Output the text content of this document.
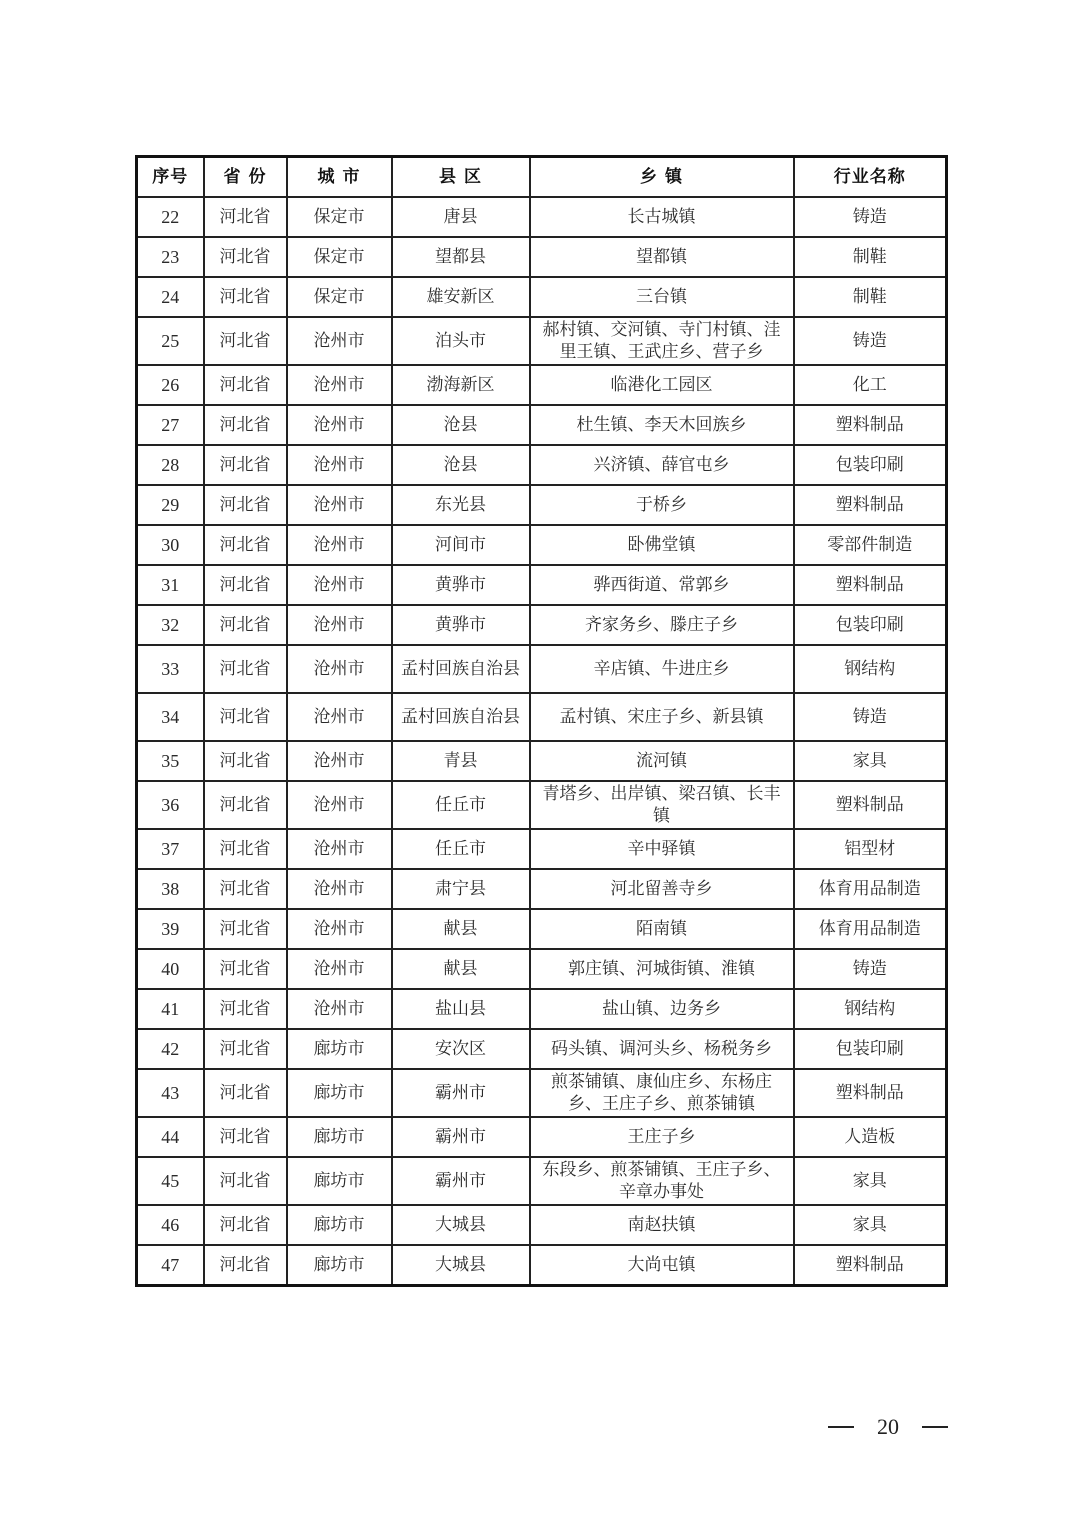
序号	省 份	城 市	县 区	乡 镇	行业名称
22	河北省	保定市	唐县	长古城镇	铸造
23	河北省	保定市	望都县	望都镇	制鞋
24	河北省	保定市	雄安新区	三台镇	制鞋
25	河北省	沧州市	泊头市	郝村镇、交河镇、寺门村镇、洼里王镇、王武庄乡、营子乡	铸造
26	河北省	沧州市	渤海新区	临港化工园区	化工
27	河北省	沧州市	沧县	杜生镇、李天木回族乡	塑料制品
28	河北省	沧州市	沧县	兴济镇、薛官屯乡	包装印刷
29	河北省	沧州市	东光县	于桥乡	塑料制品
30	河北省	沧州市	河间市	卧佛堂镇	零部件制造
31	河北省	沧州市	黄骅市	骅西街道、常郭乡	塑料制品
32	河北省	沧州市	黄骅市	齐家务乡、滕庄子乡	包装印刷
33	河北省	沧州市	孟村回族自治县	辛店镇、牛进庄乡	钢结构
34	河北省	沧州市	孟村回族自治县	孟村镇、宋庄子乡、新县镇	铸造
35	河北省	沧州市	青县	流河镇	家具
36	河北省	沧州市	任丘市	青塔乡、出岸镇、梁召镇、长丰镇	塑料制品
37	河北省	沧州市	任丘市	辛中驿镇	铝型材
38	河北省	沧州市	肃宁县	河北留善寺乡	体育用品制造
39	河北省	沧州市	献县	陌南镇	体育用品制造
40	河北省	沧州市	献县	郭庄镇、河城街镇、淮镇	铸造
41	河北省	沧州市	盐山县	盐山镇、边务乡	钢结构
42	河北省	廊坊市	安次区	码头镇、调河头乡、杨税务乡	包装印刷
43	河北省	廊坊市	霸州市	煎茶铺镇、康仙庄乡、东杨庄乡、王庄子乡、煎茶铺镇	塑料制品
44	河北省	廊坊市	霸州市	王庄子乡	人造板
45	河北省	廊坊市	霸州市	东段乡、煎茶铺镇、王庄子乡、辛章办事处	家具
46	河北省	廊坊市	大城县	南赵扶镇	家具
47	河北省	廊坊市	大城县	大尚屯镇	塑料制品
20
